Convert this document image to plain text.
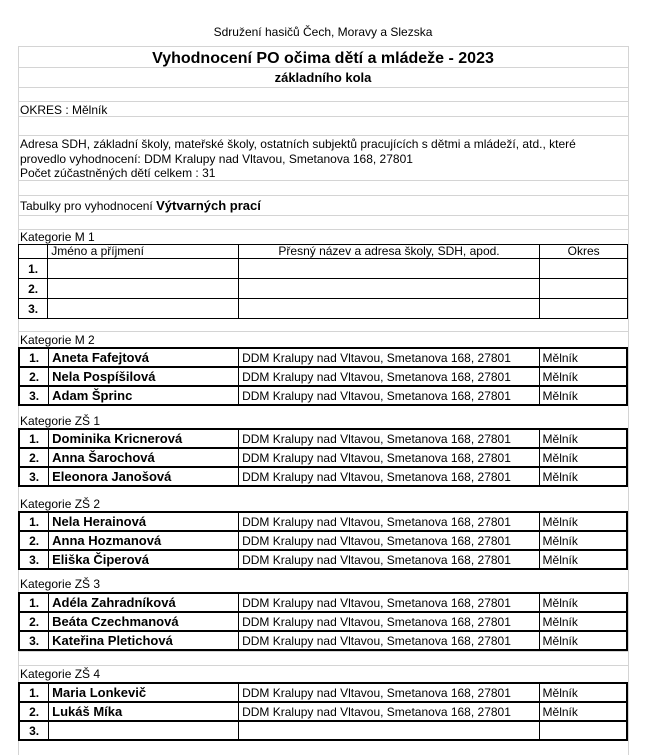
Sdružení hasičů Čech, Moravy a Slezska
Vyhodnocení PO očima dětí a mládeže - 2023
základního kola
OKRES : Mělník
Adresa SDH, základní školy, mateřské školy, ostatních subjektů pracujících s dětmi a mládeží, atd., které
provedlo vyhodnocení: DDM Kralupy nad Vltavou, Smetanova 168, 27801
Počet zúčastněných dětí celkem : 31
Tabulky pro vyhodnocení Výtvarných prací
Kategorie M 1
	Jméno a příjmení	Přesný název a adresa školy, SDH, apod.	Okres
1.			
2.			
3.			
Kategorie M 2
1.	Aneta Fafejtová	DDM Kralupy nad Vltavou, Smetanova 168, 27801	Mělník
2.	Nela Pospíšilová	DDM Kralupy nad Vltavou, Smetanova 168, 27801	Mělník
3.	Adam Šprinc	DDM Kralupy nad Vltavou, Smetanova 168, 27801	Mělník
Kategorie ZŠ 1
1.	Dominika Kricnerová	DDM Kralupy nad Vltavou, Smetanova 168, 27801	Mělník
2.	Anna Šarochová	DDM Kralupy nad Vltavou, Smetanova 168, 27801	Mělník
3.	Eleonora Janošová	DDM Kralupy nad Vltavou, Smetanova 168, 27801	Mělník
Kategorie ZŠ 2
1.	Nela Herainová	DDM Kralupy nad Vltavou, Smetanova 168, 27801	Mělník
2.	Anna Hozmanová	DDM Kralupy nad Vltavou, Smetanova 168, 27801	Mělník
3.	Eliška Čiperová	DDM Kralupy nad Vltavou, Smetanova 168, 27801	Mělník
Kategorie ZŠ 3
1.	Adéla Zahradníková	DDM Kralupy nad Vltavou, Smetanova 168, 27801	Mělník
2.	Beáta Czechmanová	DDM Kralupy nad Vltavou, Smetanova 168, 27801	Mělník
3.	Kateřina Pletichová	DDM Kralupy nad Vltavou, Smetanova 168, 27801	Mělník
Kategorie ZŠ 4
1.	Maria Lonkevič	DDM Kralupy nad Vltavou, Smetanova 168, 27801	Mělník
2.	Lukáš Míka	DDM Kralupy nad Vltavou, Smetanova 168, 27801	Mělník
3.			
